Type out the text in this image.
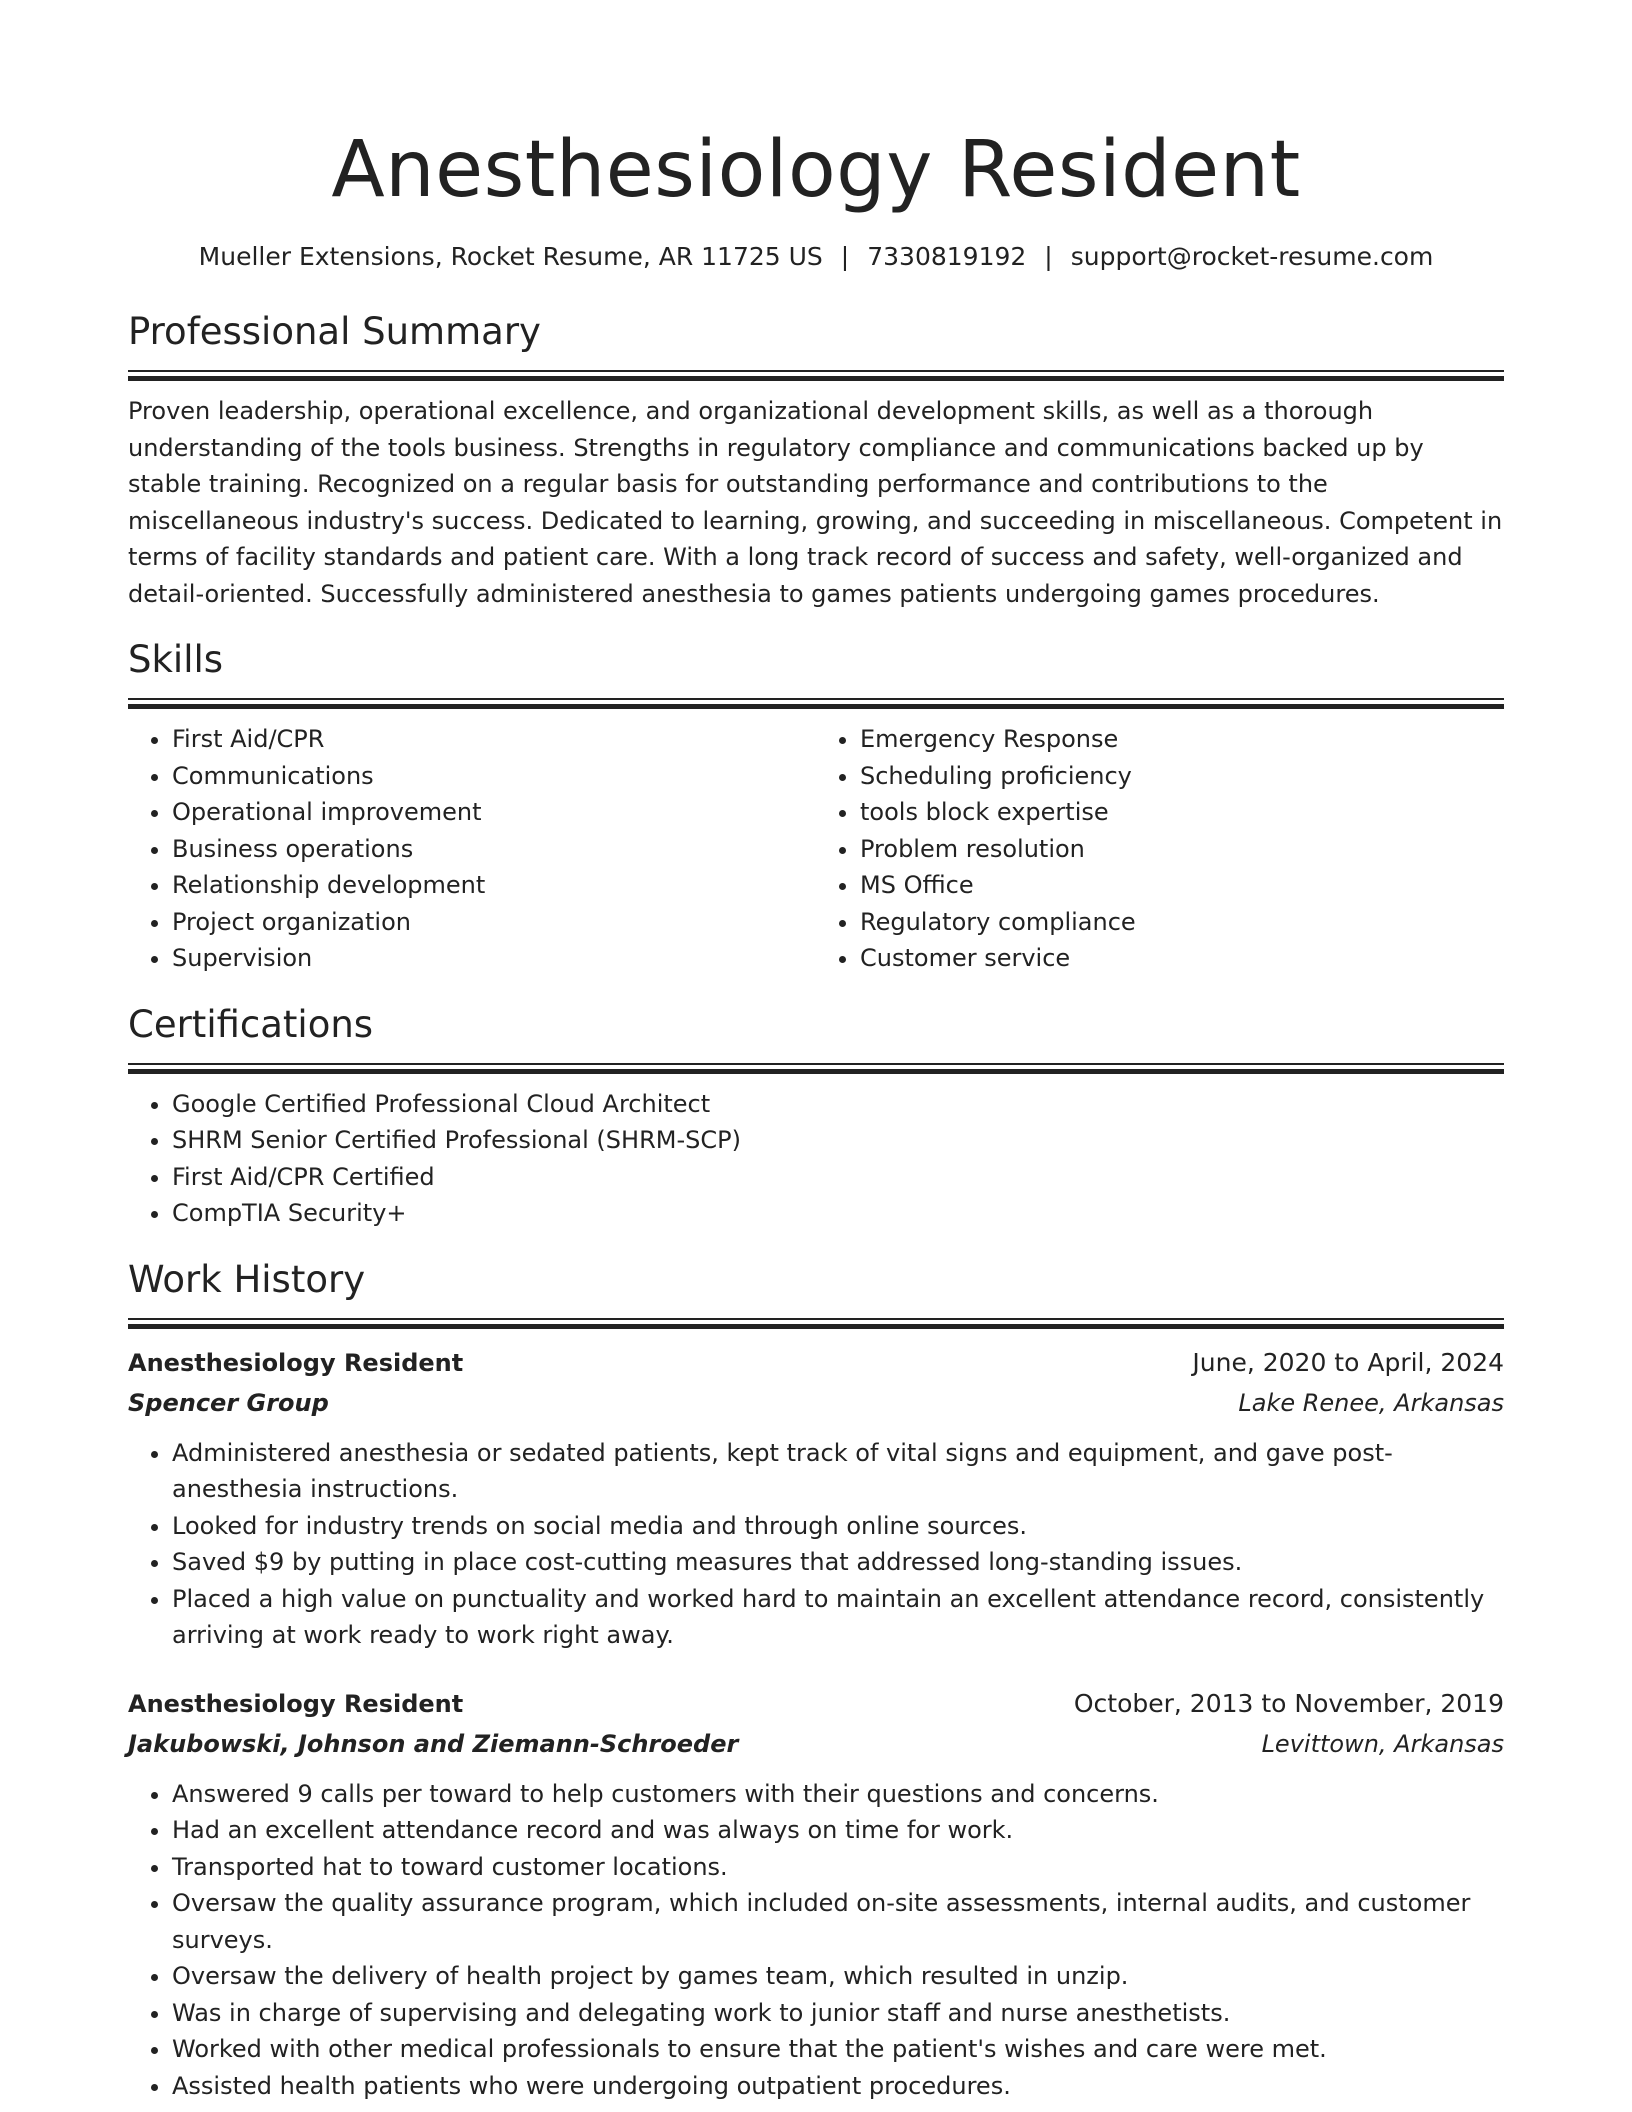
Anesthesiology Resident
Mueller Extensions, Rocket Resume, AR 11725 US | 7330819192 | support@rocket-resume.com
Professional Summary

Proven leadership, operational excellence, and organizational development skills, as well as a thorough understanding of the tools business. Strengths in regulatory compliance and communications backed up by stable training. Recognized on a regular basis for outstanding performance and contributions to the miscellaneous industry's success. Dedicated to learning, growing, and succeeding in miscellaneous. Competent in terms of facility standards and patient care. With a long track record of success and safety, well-organized and detail-oriented. Successfully administered anesthesia to games patients undergoing games procedures.

Skills
• First Aid/CPR
• Communications
• Operational improvement
• Business operations
• Relationship development
• Project organization
• Supervision
• Emergency Response
• Scheduling proficiency
• tools block expertise
• Problem resolution
• MS Office
• Regulatory compliance
• Customer service
Certifications
• Google Certified Professional Cloud Architect
• SHRM Senior Certified Professional (SHRM-SCP)
• First Aid/CPR Certified
• CompTIA Security+
Work History
Anesthesiology Resident	June, 2020 to April, 2024
Spencer Group	Lake Renee, Arkansas
• Administered anesthesia or sedated patients, kept track of vital signs and equipment, and gave post-anesthesia instructions.
• Looked for industry trends on social media and through online sources.
• Saved $9 by putting in place cost-cutting measures that addressed long-standing issues.
• Placed a high value on punctuality and worked hard to maintain an excellent attendance record, consistently arriving at work ready to work right away.
Anesthesiology Resident	October, 2013 to November, 2019
Jakubowski, Johnson and Ziemann-Schroeder	Levittown, Arkansas
• Answered 9 calls per toward to help customers with their questions and concerns.
• Had an excellent attendance record and was always on time for work.
• Transported hat to toward customer locations.
• Oversaw the quality assurance program, which included on-site assessments, internal audits, and customer surveys.
• Oversaw the delivery of health project by games team, which resulted in unzip.
• Was in charge of supervising and delegating work to junior staff and nurse anesthetists.
• Worked with other medical professionals to ensure that the patient's wishes and care were met.
• Assisted health patients who were undergoing outpatient procedures.
